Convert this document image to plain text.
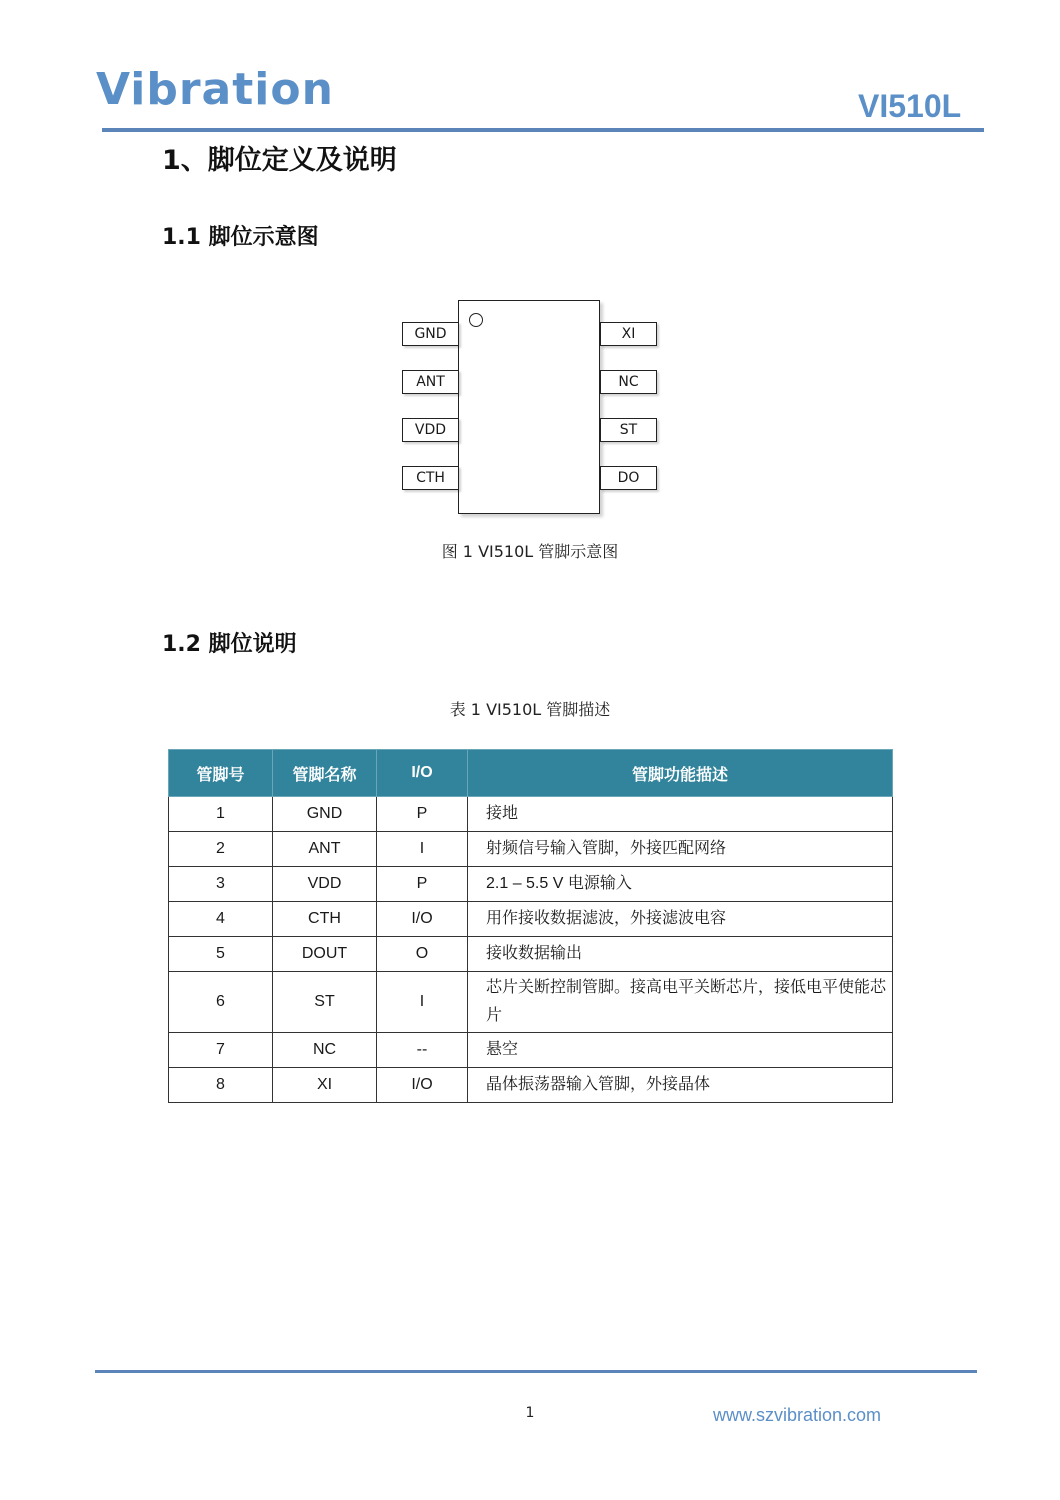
Vibration	VI510L
1、脚位定义及说明
1.1 脚位示意图
GND
ANT
VDD
CTH
XI
NC
ST
DO
图 1 VI510L 管脚示意图
1.2 脚位说明
表 1 VI510L 管脚描述
管脚号	管脚名称	I/O	管脚功能描述
1	GND	P	接地
2	ANT	I	射频信号输入管脚，外接匹配网络
3	VDD	P	2.1 – 5.5 V 电源输入
4	CTH	I/O	用作接收数据滤波，外接滤波电容
5	DOUT	O	接收数据输出
6	ST	I	芯片关断控制管脚。接高电平关断芯片，接低电平使能芯片
7	NC	--	悬空
8	XI	I/O	晶体振荡器输入管脚，外接晶体
1	www.szvibration.com
